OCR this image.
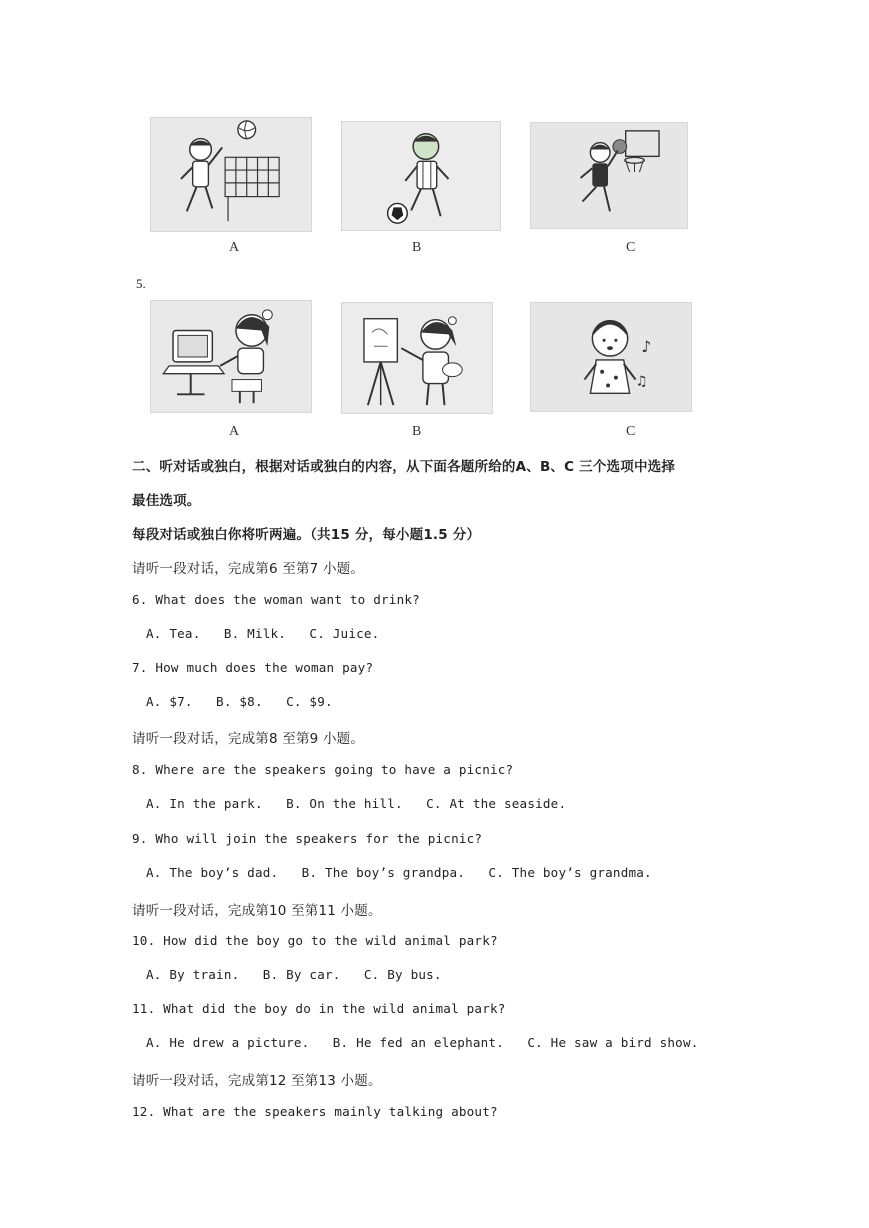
A	B	C
5.
♪
♫
A	B	C
二、听对话或独白，根据对话或独白的内容，从下面各题所给的A、B、C 三个选项中选择
最佳选项。
每段对话或独白你将听两遍。（共15 分，每小题1.5 分）
请听一段对话，完成第6 至第7 小题。
6. What does the woman want to drink?
A. Tea.   B. Milk.   C. Juice.
7. How much does the woman pay?
A. $7.   B. $8.   C. $9.
请听一段对话，完成第8 至第9 小题。
8. Where are the speakers going to have a picnic?
A. In the park.   B. On the hill.   C. At the seaside.
9. Who will join the speakers for the picnic?
A. The boy’s dad.   B. The boy’s grandpa.   C. The boy’s grandma.
请听一段对话，完成第10 至第11 小题。
10. How did the boy go to the wild animal park?
A. By train.   B. By car.   C. By bus.
11. What did the boy do in the wild animal park?
A. He drew a picture.   B. He fed an elephant.   C. He saw a bird show.
请听一段对话，完成第12 至第13 小题。
12. What are the speakers mainly talking about?
